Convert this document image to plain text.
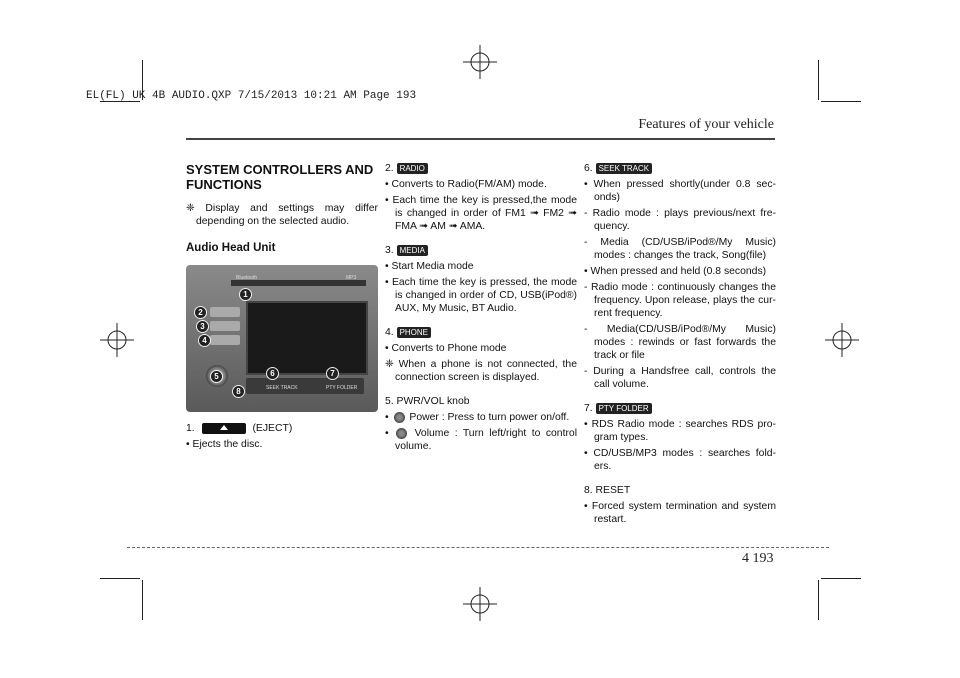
EL(FL) UK 4B AUDIO.QXP 7/15/2013 10:21 AM Page 193
Features of your vehicle
SYSTEM CONTROLLERS AND FUNCTIONS
❈ Display and settings may differ depending on the selected audio.
Audio Head Unit
Bluetooth	MP3
SEEK TRACK	PTY FOLDER
1
2
3
4
5	6	7
8
1.	(EJECT)
• Ejects the disc.
2. RADIO
• Converts to Radio(FM/AM) mode.
• Each time the key is pressed,the mode is changed in order of FM1 ➟ FM2 ➟ FMA ➟ AM ➟ AMA.
3. MEDIA
• Start Media mode
• Each time the key is pressed, the mode is changed in order of CD, USB(iPod®) AUX, My Music, BT Audio.
4. PHONE
• Converts to Phone mode
❈ When a phone is not connected, the connection screen is displayed.
5. PWR/VOL knob
•  Power : Press to turn power on/off.
•  Volume : Turn left/right to control volume.
6. SEEK TRACK
• When pressed shortly(under 0.8 sec-onds)
- Radio mode : plays previous/next fre-quency.
- Media (CD/USB/iPod®/My Music) modes : changes the track, Song(file)
• When pressed and held (0.8 seconds)
- Radio mode : continuously changes the frequency. Upon release, plays the cur-rent frequency.
- Media(CD/USB/iPod®/My Music) modes : rewinds or fast forwards the track or file
- During a Handsfree call, controls the call volume.
7. PTY FOLDER
• RDS Radio mode : searches RDS pro-gram types.
• CD/USB/MP3 modes : searches fold-ers.
8. RESET
• Forced system termination and system restart.
4 193
